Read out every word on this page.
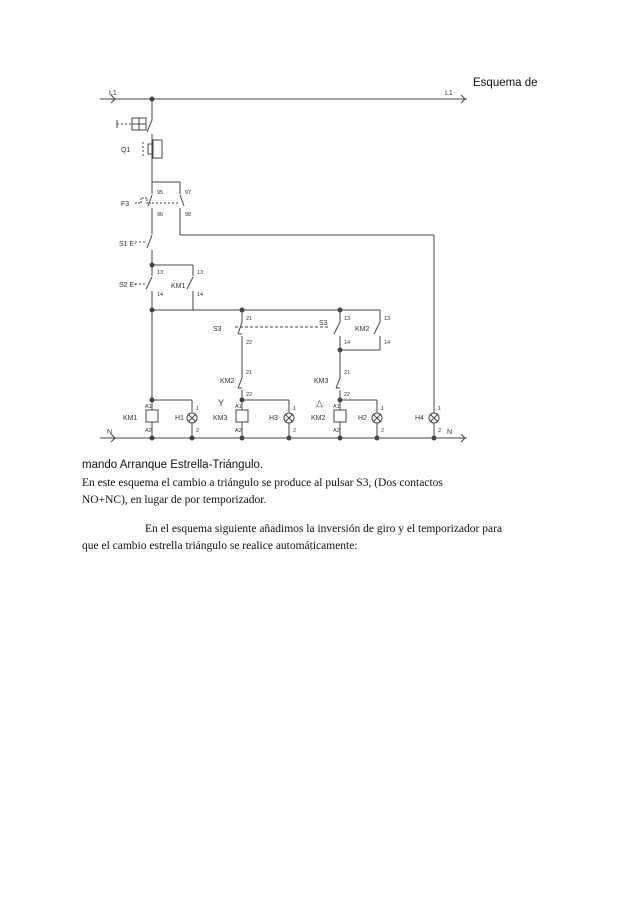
Esquema de
L1	L1
N	N
Q1
F3
95
96
97
98
S1 E-
S2 E-
13
14
13
14
KM1
S3
21
22
S3
13
14
KM2
13
14
KM2
21
22
KM3
21
22
KM1
A1
A2
H1
1
2
KM3
A1
A2
Y
H3
1
2
KM2
A1
A2
△
H2
1
2
H4
1
2
mando Arranque Estrella-Triángulo.
En este esquema el cambio a triángulo se produce al pulsar S3, (Dos contactos
NO+NC), en lugar de por temporizador.
En el esquema siguiente añadimos la inversión de giro y el temporizador para
que el cambio estrella triángulo se realice automáticamente:
